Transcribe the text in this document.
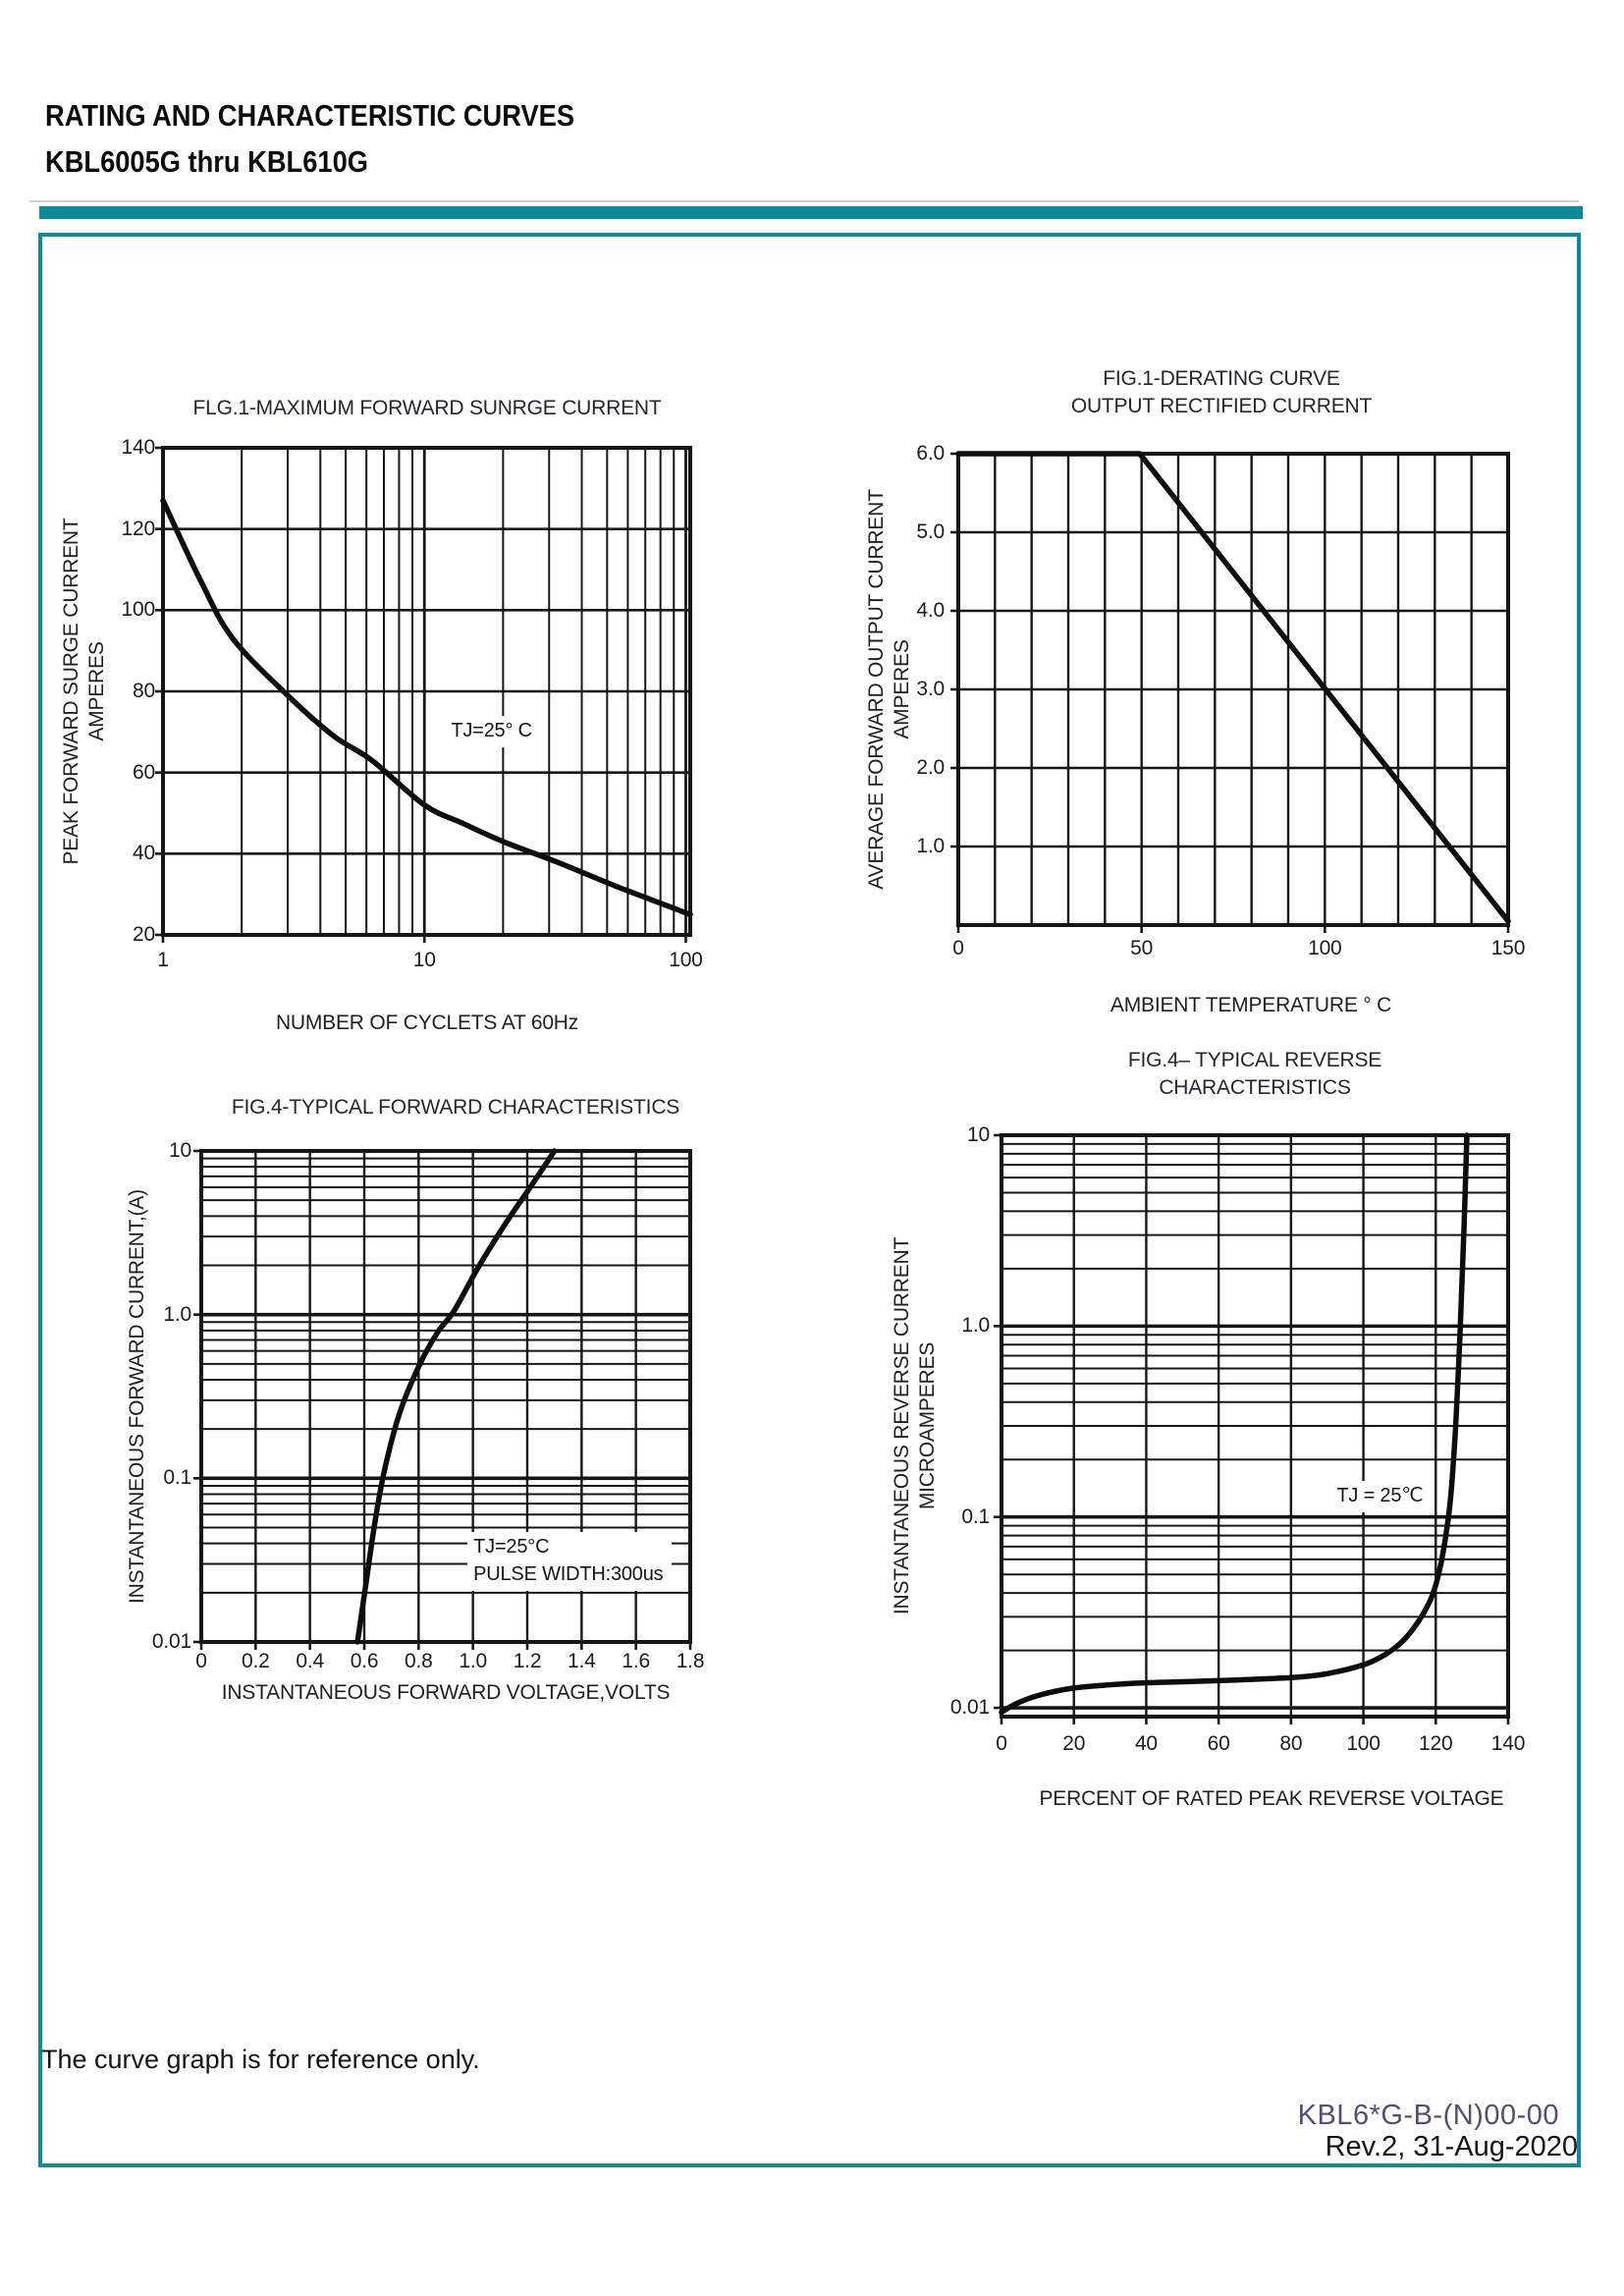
RATING AND CHARACTERISTIC CURVES
KBL6005G thru KBL610G
TJ=25° C
FLG.1-MAXIMUM FORWARD SUNRGE CURRENT
1	10	100
140
120
100
80
60
40
20
NUMBER OF CYCLETS AT 60Hz
PEAK FORWARD SURGE CURRENT AMPERES
FIG.1-DERATING CURVE
OUTPUT RECTIFIED CURRENT
0	50	100	150
6.0
5.0
4.0
3.0
2.0
1.0
AMBIENT TEMPERATURE ° C
AVERAGE FORWARD OUTPUT CURRENT AMPERES
TJ=25°C
PULSE WIDTH:300us
FIG.4-TYPICAL FORWARD CHARACTERISTICS
0	0.2	0.4	0.6	0.8	1.0	1.2	1.4	1.6	1.8
10
1.0
0.1
0.01
INSTANTANEOUS FORWARD VOLTAGE,VOLTS
INSTANTANEOUS FORWARD CURRENT,(A)	TJ = 25℃
FIG.4– TYPICAL REVERSE
CHARACTERISTICS
0	20	40	60	80	100	120	140
10
1.0
0.1
0.01
PERCENT OF RATED PEAK REVERSE VOLTAGE
INSTANTANEOUS REVERSE CURRENT MICROAMPERES
The curve graph is for reference only.
KBL6*G-B-(N)00-00
Rev.2, 31-Aug-2020
